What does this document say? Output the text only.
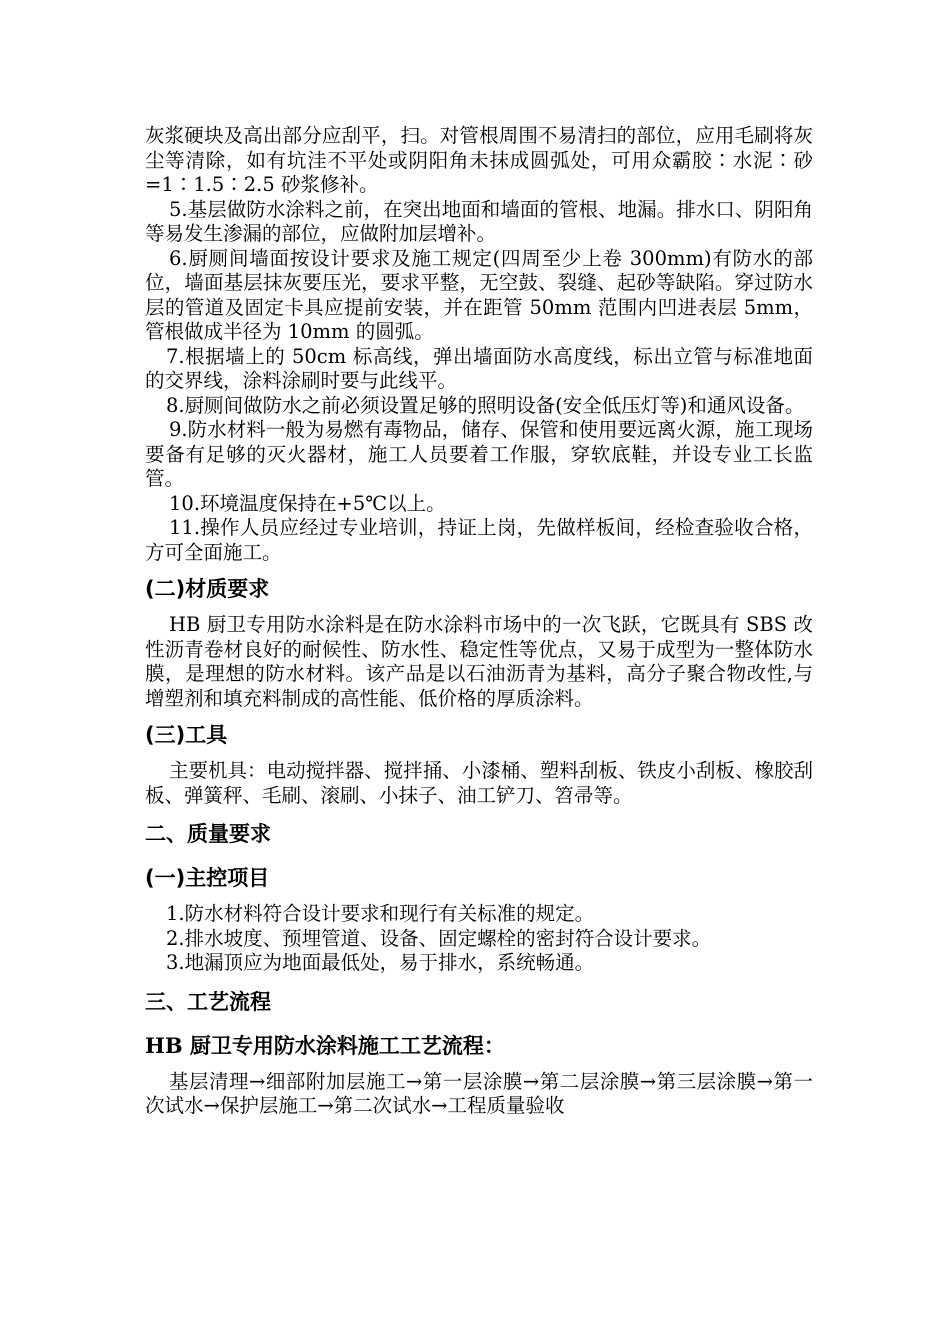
灰浆硬块及高出部分应刮平，扫。对管根周围不易清扫的部位，应用毛刷将灰尘等清除，如有坑洼不平处或阴阳角未抹成圆弧处，可用众霸胶∶水泥∶砂=1∶1.5∶2.5 砂浆修补。

5.基层做防水涂料之前，在突出地面和墙面的管根、地漏。排水口、阴阳角等易发生渗漏的部位，应做附加层增补。

6.厨厕间墙面按设计要求及施工规定(四周至少上卷 300mm)有防水的部位，墙面基层抹灰要压光，要求平整，无空鼓、裂缝、起砂等缺陷。穿过防水层的管道及固定卡具应提前安装，并在距管 50mm 范围内凹进表层 5mm，管根做成半径为 10mm 的圆弧。

7.根据墙上的 50cm 标高线，弹出墙面防水高度线，标出立管与标准地面的交界线，涂料涂刷时要与此线平。

8.厨厕间做防水之前必须设置足够的照明设备(安全低压灯等)和通风设备。

9.防水材料一般为易燃有毒物品，储存、保管和使用要远离火源，施工现场要备有足够的灭火器材，施工人员要着工作服，穿软底鞋，并设专业工长监管。

10.环境温度保持在+5℃以上。

11.操作人员应经过专业培训，持证上岗，先做样板间，经检查验收合格，方可全面施工。

(二)材质要求

HB 厨卫专用防水涂料是在防水涂料市场中的一次飞跃，它既具有 SBS 改性沥青卷材良好的耐候性、防水性、稳定性等优点，又易于成型为一整体防水膜，是理想的防水材料。该产品是以石油沥青为基料，高分子聚合物改性,与增塑剂和填充料制成的高性能、低价格的厚质涂料。

(三)工具

主要机具：电动搅拌器、搅拌捅、小漆桶、塑料刮板、铁皮小刮板、橡胶刮板、弹簧秤、毛刷、滚刷、小抹子、油工铲刀、笤帚等。

二、质量要求
(一)主控项目

1.防水材料符合设计要求和现行有关标准的规定。

2.排水坡度、预埋管道、设备、固定螺栓的密封符合设计要求。

3.地漏顶应为地面最低处，易于排水，系统畅通。

三、工艺流程
HB 厨卫专用防水涂料施工工艺流程：

基层清理→细部附加层施工→第一层涂膜→第二层涂膜→第三层涂膜→第一次试水→保护层施工→第二次试水→工程质量验收
